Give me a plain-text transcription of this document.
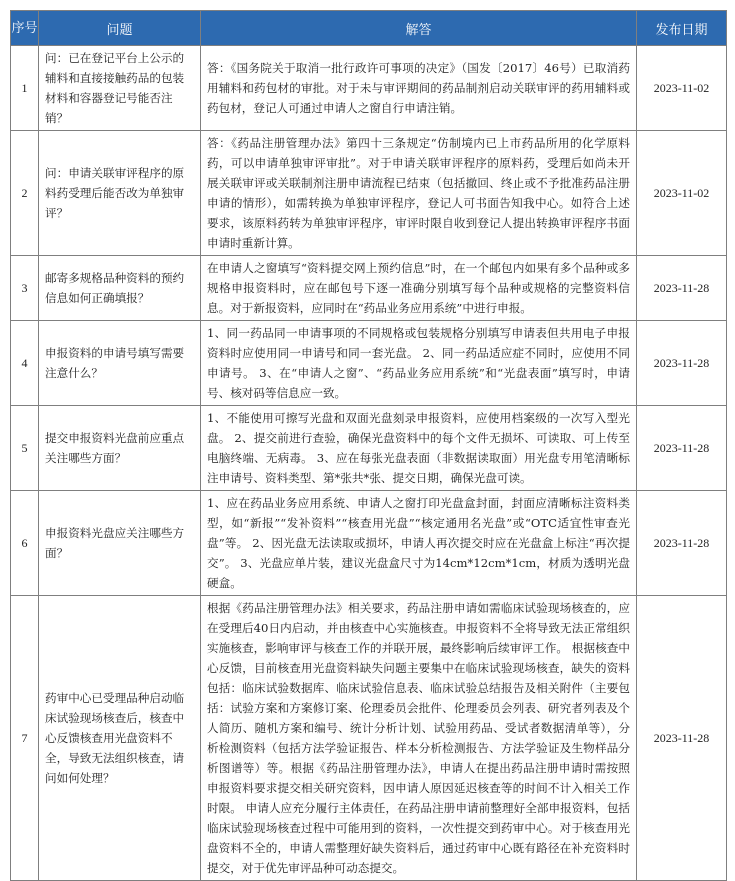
序号	问题	解答	发布日期
1	问：已在登记平台上公示的辅料和直接接触药品的包装材料和容器登记号能否注销？	答：《国务院关于取消一批行政许可事项的决定》（国发〔2017〕46号）已取消药用辅料和药包材的审批。对于未与审评期间的药品制剂启动关联审评的药用辅料或药包材，登记人可通过申请人之窗自行申请注销。	2023-11-02
2	问：申请关联审评程序的原料药受理后能否改为单独审评？	答：《药品注册管理办法》第四十三条规定“仿制境内已上市药品所用的化学原料药，可以申请单独审评审批”。对于申请关联审评程序的原料药，受理后如尚未开展关联审评或关联制剂注册申请流程已结束（包括撤回、终止或不予批准药品注册申请的情形），如需转换为单独审评程序，登记人可书面告知我中心。如符合上述要求，该原料药转为单独审评程序，审评时限自收到登记人提出转换审评程序书面申请时重新计算。	2023-11-02
3	邮寄多规格品种资料的预约信息如何正确填报？	在申请人之窗填写“资料提交网上预约信息”时，在一个邮包内如果有多个品种或多规格申报资料时，应在邮包号下逐一准确分别填写每个品种或规格的完整资料信息。对于新报资料，应同时在“药品业务应用系统”中进行申报。	2023-11-28
4	申报资料的申请号填写需要注意什么？	1、同一药品同一申请事项的不同规格或包装规格分别填写申请表但共用电子申报资料时应使用同一申请号和同一套光盘。 2、同一药品适应症不同时，应使用不同申请号。 3、在“申请人之窗”、“药品业务应用系统”和“光盘表面”填写时，申请号、核对码等信息应一致。	2023-11-28
5	提交申报资料光盘前应重点关注哪些方面？	1、不能使用可擦写光盘和双面光盘刻录申报资料，应使用档案级的一次写入型光盘。 2、提交前进行查验，确保光盘资料中的每个文件无损坏、可读取、可上传至电脑终端、无病毒。 3、应在每张光盘表面（非数据读取面）用光盘专用笔清晰标注申请号、资料类型、第*张共*张、提交日期，确保光盘可读。	2023-11-28
6	申报资料光盘应关注哪些方面？	1、应在药品业务应用系统、申请人之窗打印光盘盒封面，封面应清晰标注资料类型，如“新报”“发补资料”“核查用光盘”“核定通用名光盘”或“OTC适宜性审查光盘”等。 2、因光盘无法读取或损坏，申请人再次提交时应在光盘盒上标注“再次提交”。 3、光盘应单片装，建议光盘盒尺寸为14cm*12cm*1cm，材质为透明光盘硬盒。	2023-11-28
7	药审中心已受理品种启动临床试验现场核查后，核查中心反馈核查用光盘资料不全，导致无法组织核查，请问如何处理？	根据《药品注册管理办法》相关要求，药品注册申请如需临床试验现场核查的，应在受理后40日内启动，并由核查中心实施核查。申报资料不全将导致无法正常组织实施核查，影响审评与核查工作的并联开展，最终影响后续审评工作。 根据核查中心反馈，目前核查用光盘资料缺失问题主要集中在临床试验现场核查，缺失的资料包括：临床试验数据库、临床试验信息表、临床试验总结报告及相关附件（主要包括：试验方案和方案修订案、伦理委员会批件、伦理委员会列表、研究者列表及个人简历、随机方案和编号、统计分析计划、试验用药品、受试者数据清单等），分析检测资料（包括方法学验证报告、样本分析检测报告、方法学验证及生物样品分析图谱等）等。根据《药品注册管理办法》，申请人在提出药品注册申请时需按照申报资料要求提交相关研究资料，因申请人原因延迟核查等的时间不计入相关工作时限。 申请人应充分履行主体责任，在药品注册申请前整理好全部申报资料，包括临床试验现场核查过程中可能用到的资料，一次性提交到药审中心。对于核查用光盘资料不全的，申请人需整理好缺失资料后，通过药审中心既有路径在补充资料时提交，对于优先审评品种可动态提交。	2023-11-28
